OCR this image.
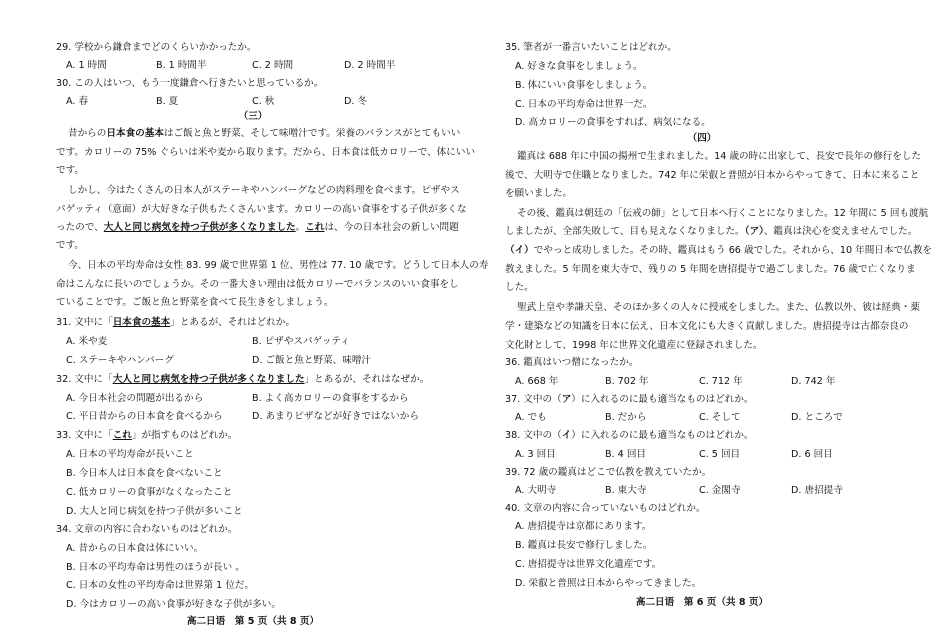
29. 学校から鎌倉までどのくらいかかったか。
A. 1 時間	B. 1 時間半	C. 2 時間	D. 2 時間半
30. この人はいつ、もう一度鎌倉へ行きたいと思っているか。
A. 春	B. 夏	C. 秋	D. 冬
（三）
昔からの日本食の基本はご飯と魚と野菜、そして味噌汁です。栄養のバランスがとてもいい
です。カロリーの 75% ぐらいは米や麦から取ります。だから、日本食は低カロリーで、体にいい
です。
しかし、今はたくさんの日本人がステーキやハンバーグなどの肉料理を食べます。ピザやス
パゲッティ（意面）が大好きな子供もたくさんいます。カロリーの高い食事をする子供が多くな
ったので、大人と同じ病気を持つ子供が多くなりました。これは、今の日本社会の新しい問題
です。
今、日本の平均寿命は女性 83. 99 歳で世界第 1 位、男性は 77. 10 歳です。どうして日本人の寿
命はこんなに長いのでしょうか。その一番大きい理由は低カロリーでバランスのいい食事をし
ていることです。ご飯と魚と野菜を食べて長生きをしましょう。
31. 文中に「日本食の基本」とあるが、それはどれか。
A. 米や麦	B. ピザやスパゲッティ
C. ステーキやハンバーグ	D. ご飯と魚と野菜、味噌汁
32. 文中に「大人と同じ病気を持つ子供が多くなりました」とあるが、それはなぜか。
A. 今日本社会の問題が出るから	B. よく高カロリーの食事をするから
C. 平日昔からの日本食を食べるから	D. あまりピザなどが好きではないから
33. 文中に「これ」が指すものはどれか。
A. 日本の平均寿命が長いこと
B. 今日本人は日本食を食べないこと
C. 低カロリーの食事がなくなったこと
D. 大人と同じ病気を持つ子供が多いこと
34. 文章の内容に合わないものはどれか。
A. 昔からの日本食は体にいい。
B. 日本の平均寿命は男性のほうが長い 。
C. 日本の女性の平均寿命は世界第 1 位だ。
D. 今はカロリーの高い食事が好きな子供が多い。
高二日语　第 5 页（共 8 页）
35. 筆者が一番言いたいことはどれか。
A. 好きな食事をしましょう。
B. 体にいい食事をしましょう。
C. 日本の平均寿命は世界一だ。
D. 高カロリーの食事をすれば、病気になる。
（四）
鑑真は 688 年に中国の揚州で生まれました。14 歳の時に出家して、長安で長年の修行をした
後で、大明寺で住職となりました。742 年に栄叡と普照が日本からやってきて、日本に来ること
を願いました。
その後、鑑真は朝廷の「伝戒の師」として日本へ行くことになりました。12 年間に 5 回も渡航
しましたが、全部失敗して、目も見えなくなりました。（ア）、鑑真は決心を変えませんでした。
（イ）でやっと成功しました。その時、鑑真はもう 66 歳でした。それから、10 年間日本で仏教を
教えました。5 年間を東大寺で、残りの 5 年間を唐招提寺で過ごしました。76 歳で亡くなりま
した。
聖武上皇や孝謙天皇、そのほか多くの人々に授戒をしました。また、仏教以外、彼は経典・薬
学・建築などの知識を日本に伝え、日本文化にも大きく貢献しました。唐招提寺は古都奈良の
文化財として、1998 年に世界文化遺産に登録されました。
36. 鑑真はいつ僧になったか。
A. 668 年	B. 702 年	C. 712 年	D. 742 年
37. 文中の（ア）に入れるのに最も適当なものはどれか。
A. でも	B. だから	C. そして	D. ところで
38. 文中の（イ）に入れるのに最も適当なものはどれか。
A. 3 回目	B. 4 回目	C. 5 回目	D. 6 回目
39. 72 歳の鑑真はどこで仏教を教えていたか。
A. 大明寺	B. 東大寺	C. 金閣寺	D. 唐招提寺
40. 文章の内容に合っていないものはどれか。
A. 唐招提寺は京都にあります。
B. 鑑真は長安で修行しました。
C. 唐招提寺は世界文化遺産です。
D. 栄叡と普照は日本からやってきました。
高二日语　第 6 页（共 8 页）
